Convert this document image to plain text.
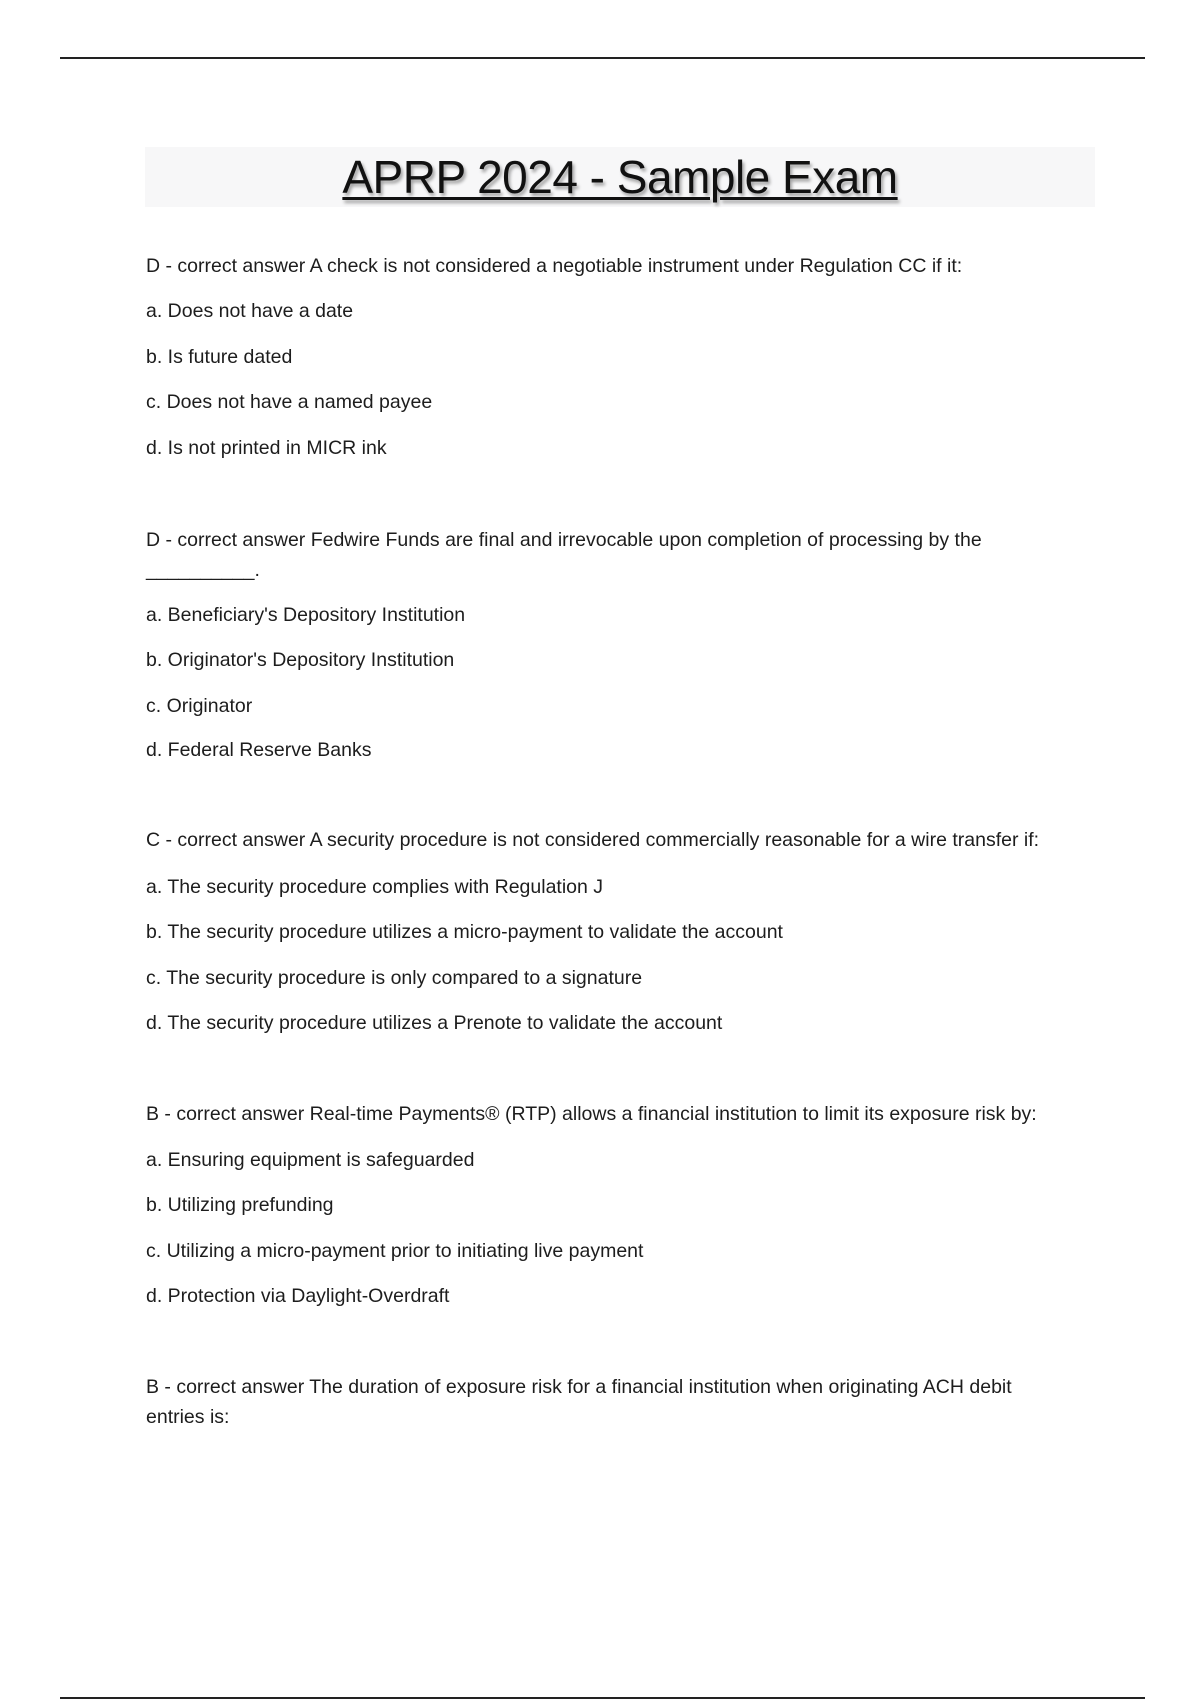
APRP 2024 - Sample Exam
D - correct answer A check is not considered a negotiable instrument under Regulation CC if it:
a. Does not have a date
b. Is future dated
c. Does not have a named payee
d. Is not printed in MICR ink
D - correct answer Fedwire Funds are final and irrevocable upon completion of processing by the
__________.
a. Beneficiary's Depository Institution
b. Originator's Depository Institution
c. Originator
d. Federal Reserve Banks
C - correct answer A security procedure is not considered commercially reasonable for a wire transfer if:
a. The security procedure complies with Regulation J
b. The security procedure utilizes a micro-payment to validate the account
c. The security procedure is only compared to a signature
d. The security procedure utilizes a Prenote to validate the account
B - correct answer Real-time Payments® (RTP) allows a financial institution to limit its exposure risk by:
a. Ensuring equipment is safeguarded
b. Utilizing prefunding
c. Utilizing a micro-payment prior to initiating live payment
d. Protection via Daylight-Overdraft
B - correct answer The duration of exposure risk for a financial institution when originating ACH debit
entries is:
